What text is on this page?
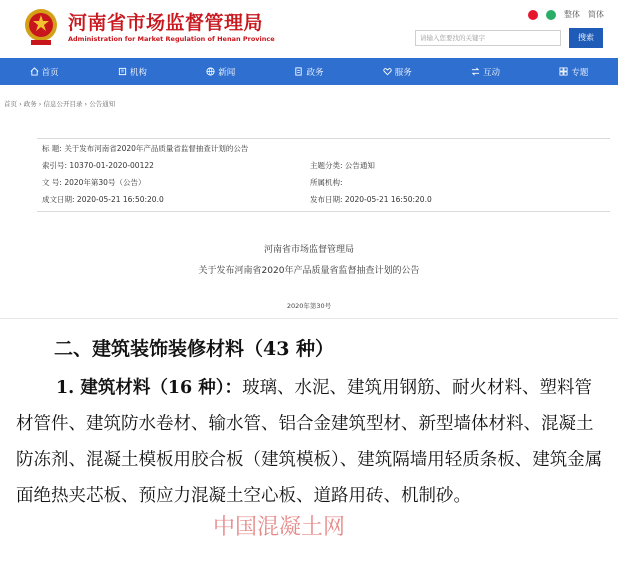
河南省市场监督管理局
Administration for Market Regulation of Henan Province
整体 简体
请输入您要找的关键字	搜索
首页	机构	新闻	政务	服务	互动	专题
首页 › 政务 › 信息公开目录 › 公告通知
标 题: 关于发布河南省2020年产品质量省监督抽查计划的公告
索引号: 10370-01-2020-00122	主题分类: 公告通知
文 号: 2020年第30号（公告）	所属机构:
成文日期: 2020-05-21 16:50:20.0	发布日期: 2020-05-21 16:50:20.0
河南省市场监督管理局
关于发布河南省2020年产品质量省监督抽查计划的公告
2020年第30号
二、建筑装饰装修材料（43 种）
1. 建筑材料（16 种）：玻璃、水泥、建筑用钢筋、耐火材料、塑料管材管件、建筑防水卷材、输水管、铝合金建筑型材、新型墙体材料、混凝土防冻剂、混凝土模板用胶合板（建筑模板）、建筑隔墙用轻质条板、建筑金属面绝热夹芯板、预应力混凝土空心板、道路用砖、机制砂。
中国混凝土网
